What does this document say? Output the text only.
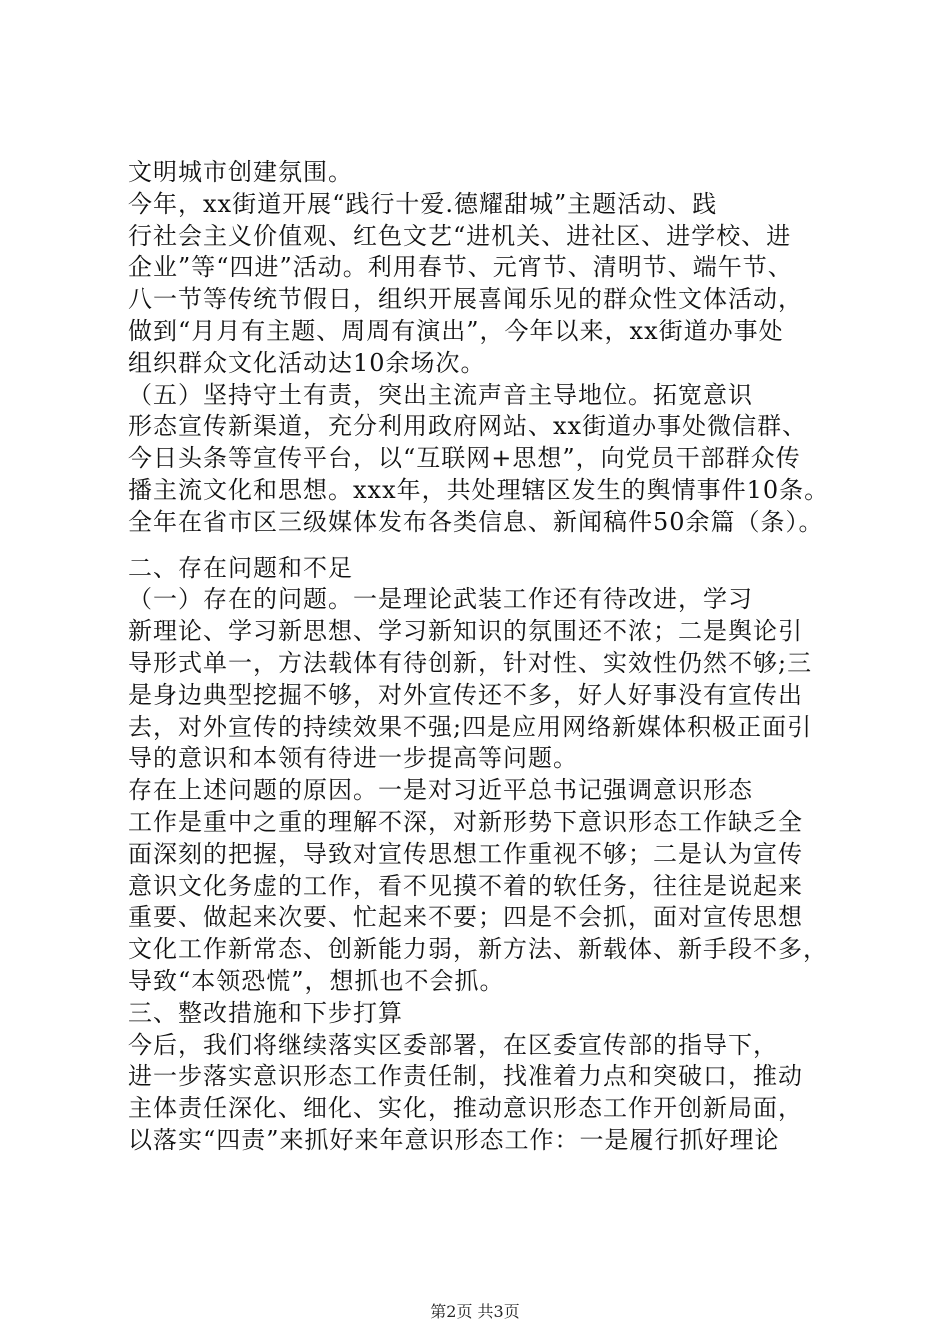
文明城市创建氛围。
今年，xx街道开展“践行十爱.德耀甜城”主题活动、践
行社会主义价值观、红色文艺“进机关、进社区、进学校、进
企业”等“四进”活动。利用春节、元宵节、清明节、端午节、
八一节等传统节假日，组织开展喜闻乐见的群众性文体活动，
做到“月月有主题、周周有演出”，今年以来，xx街道办事处
组织群众文化活动达10余场次。
（五）坚持守土有责，突出主流声音主导地位。拓宽意识
形态宣传新渠道，充分利用政府网站、xx街道办事处微信群、
今日头条等宣传平台，以“互联网+思想”，向党员干部群众传
播主流文化和思想。xxx年，共处理辖区发生的舆情事件10条。
全年在省市区三级媒体发布各类信息、新闻稿件50余篇（条）。
二、存在问题和不足
（一）存在的问题。一是理论武装工作还有待改进，学习
新理论、学习新思想、学习新知识的氛围还不浓；二是舆论引
导形式单一，方法载体有待创新，针对性、实效性仍然不够;三
是身边典型挖掘不够，对外宣传还不多，好人好事没有宣传出
去，对外宣传的持续效果不强;四是应用网络新媒体积极正面引
导的意识和本领有待进一步提高等问题。
存在上述问题的原因。一是对习近平总书记强调意识形态
工作是重中之重的理解不深，对新形势下意识形态工作缺乏全
面深刻的把握，导致对宣传思想工作重视不够；二是认为宣传
意识文化务虚的工作，看不见摸不着的软任务，往往是说起来
重要、做起来次要、忙起来不要；四是不会抓，面对宣传思想
文化工作新常态、创新能力弱，新方法、新载体、新手段不多，
导致“本领恐慌”，想抓也不会抓。
三、整改措施和下步打算
今后，我们将继续落实区委部署，在区委宣传部的指导下，
进一步落实意识形态工作责任制，找准着力点和突破口，推动
主体责任深化、细化、实化，推动意识形态工作开创新局面，
以落实“四责”来抓好来年意识形态工作：一是履行抓好理论
第2页 共3页
